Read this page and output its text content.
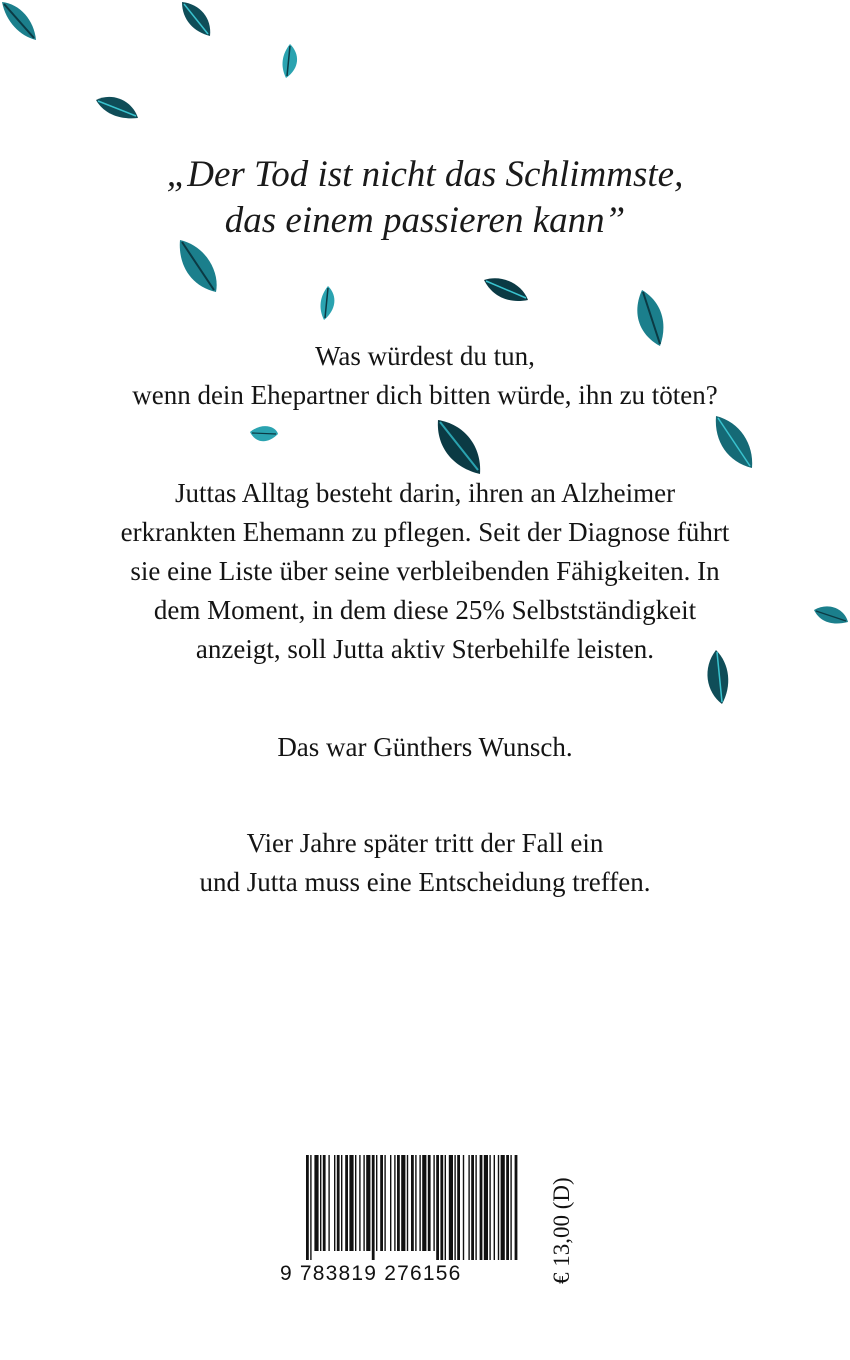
„Der Tod ist nicht das Schlimmste,
das einem passieren kann”
Was würdest du tun,
wenn dein Ehepartner dich bitten würde, ihn zu töten?
Juttas Alltag besteht darin, ihren an Alzheimer
erkrankten Ehemann zu pflegen. Seit der Diagnose führt
sie eine Liste über seine verbleibenden Fähigkeiten. In
dem Moment, in dem diese 25% Selbstständigkeit
anzeigt, soll Jutta aktiv Sterbehilfe leisten.
Das war Günthers Wunsch.
Vier Jahre später tritt der Fall ein
und Jutta muss eine Entscheidung treffen.
9 783819 276156	€ 13,00 (D)
